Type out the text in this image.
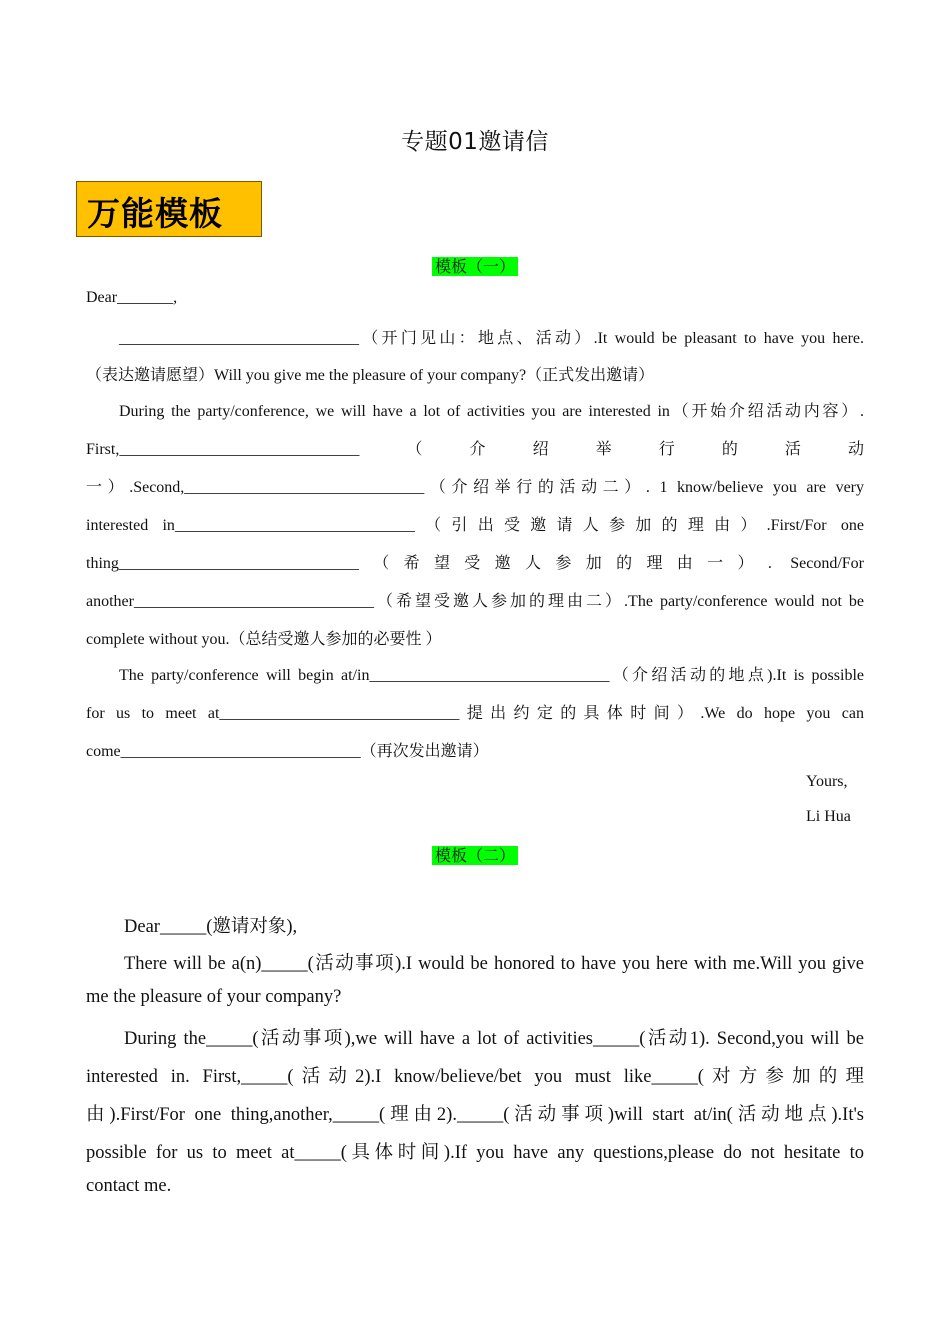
专题01邀请信
万能模板
模板（一）
Dear_______,
______________________________（开门见山：地点、活动）.It would be pleasant to have you here.
（表达邀请愿望）Will you give me the pleasure of your company?（正式发出邀请）
During the party/conference, we will have a lot of activities you are interested in（开始介绍活动内容）.
First,______________________________（介绍举行的活动
一）.Second,______________________________（介绍举行的活动二）. 1 know/believe you are very
interested in______________________________（引出受邀请人参加的理由）.First/For one
thing______________________________（希望受邀人参加的理由一）. Second/For
another______________________________（希望受邀人参加的理由二）.The party/conference would not be
complete without you.（总结受邀人参加的必要性 ）
The party/conference will begin at/in______________________________（介绍活动的地点).It is possible
for us to meet at______________________________提出约定的具体时间）.We do hope you can
come______________________________（再次发出邀请）
Yours,
Li Hua
模板（二）
Dear_____(邀请对象),
There will be a(n)_____(活动事项).I would be honored to have you here with me.Will you give
me the pleasure of your company?
During the_____(活动事项),we will have a lot of activities_____(活动1). Second,you will be
interested in. First,_____(活动2).I know/believe/bet you must like_____(对方参加的理
由).First/For one thing,another,_____(理由2)._____(活动事项)will start at/in(活动地点).It's
possible for us to meet at_____(具体时间).If you have any questions,please do not hesitate to
contact me.
